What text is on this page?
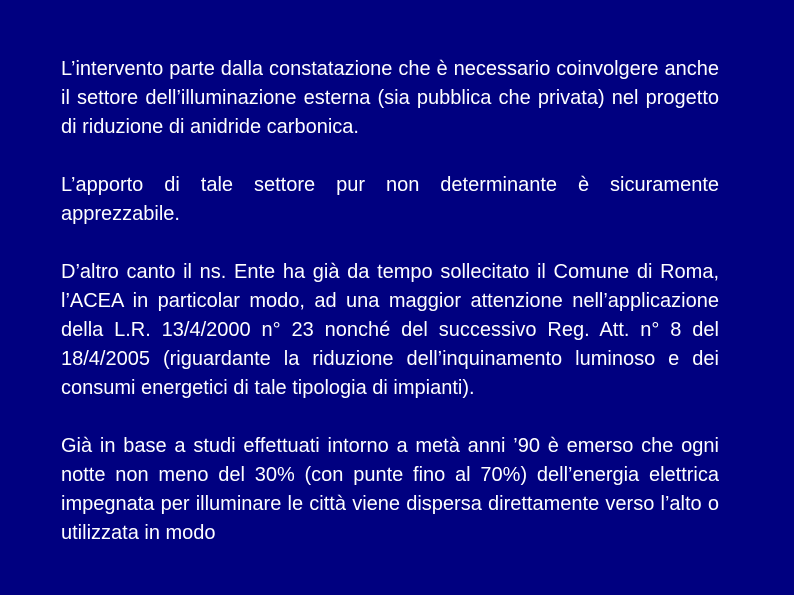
L’intervento parte dalla constatazione che è necessario coinvolgere anche il settore dell’illuminazione esterna (sia pubblica che privata) nel progetto di riduzione di anidride carbonica.

L’apporto di tale settore pur non determinante è sicuramente apprezzabile.

D’altro canto il ns. Ente ha già da tempo sollecitato il Comune di Roma, l’ACEA in particolar modo, ad una maggior attenzione nell’applicazione della L.R. 13/4/2000 n° 23 nonché del successivo Reg. Att. n° 8 del 18/4/2005 (riguardante la riduzione dell’inquinamento luminoso e dei consumi energetici di tale tipologia di impianti).

Già in base a studi effettuati intorno a metà anni ’90 è emerso che ogni notte non meno del 30% (con punte fino al 70%) dell’energia elettrica impegnata per illuminare le città viene dispersa direttamente verso l’alto o utilizzata in modo
